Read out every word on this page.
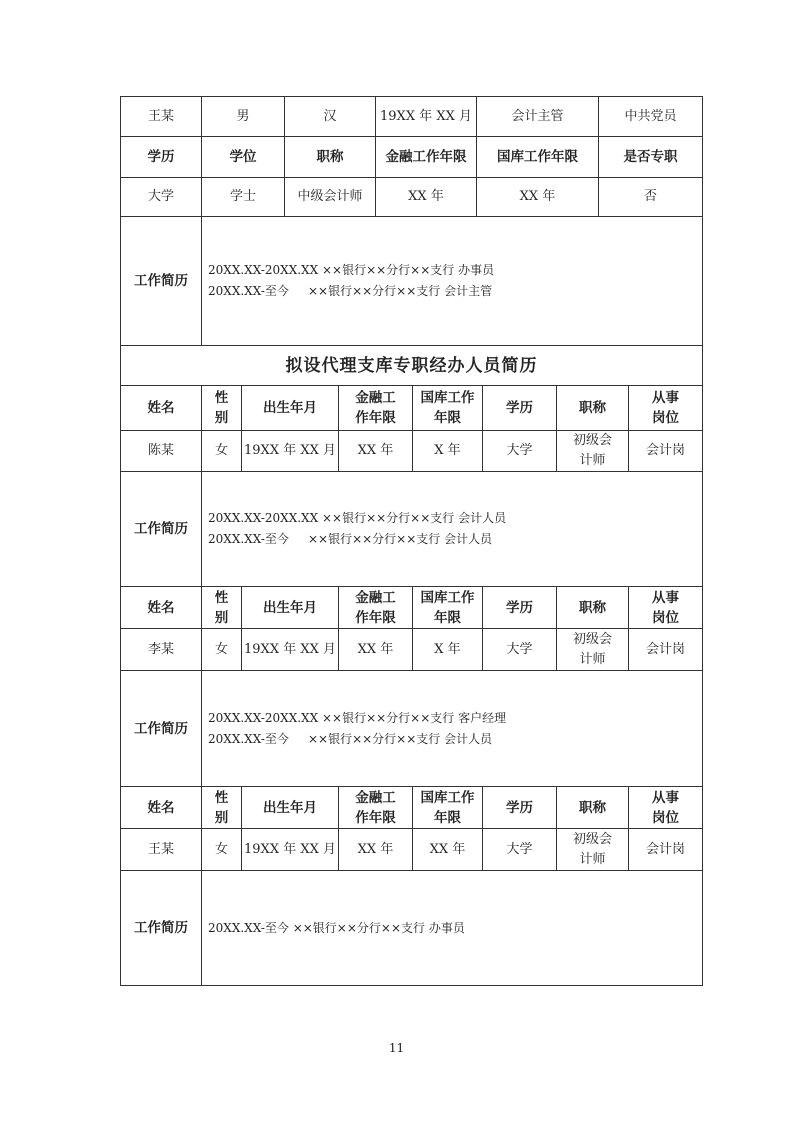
王某	男	汉	19XX 年 XX 月	会计主管	中共党员
学历	学位	职称	金融工作年限	国库工作年限	是否专职
大学	学士	中级会计师	XX 年	XX 年	否
工作简历	20XX.XX-20XX.XX ××银行××分行××支行 办事员
20XX.XX-至今     ××银行××分行××支行 会计主管				
拟设代理支库专职经办人员简历							
姓名	性别	出生年月	金融工作年限	国库工作年限	学历	职称	从事岗位
陈某	女	19XX 年 XX 月	XX 年	X 年	大学	初级会计师	会计岗
工作简历	20XX.XX-20XX.XX ××银行××分行××支行 会计人员
20XX.XX-至今     ××银行××分行××支行 会计人员						

姓名	性别	出生年月	金融工作年限	国库工作年限	学历	职称	从事岗位
李某	女	19XX 年 XX 月	XX 年	X 年	大学	初级会计师	会计岗
工作简历	20XX.XX-20XX.XX ××银行××分行××支行 客户经理
20XX.XX-至今     ××银行××分行××支行 会计人员						

姓名	性别	出生年月	金融工作年限	国库工作年限	学历	职称	从事岗位
王某	女	19XX 年 XX 月	XX 年	XX 年	大学	初级会计师	会计岗
工作简历	20XX.XX-至今 ××银行××分行××支行 办事员						
11
